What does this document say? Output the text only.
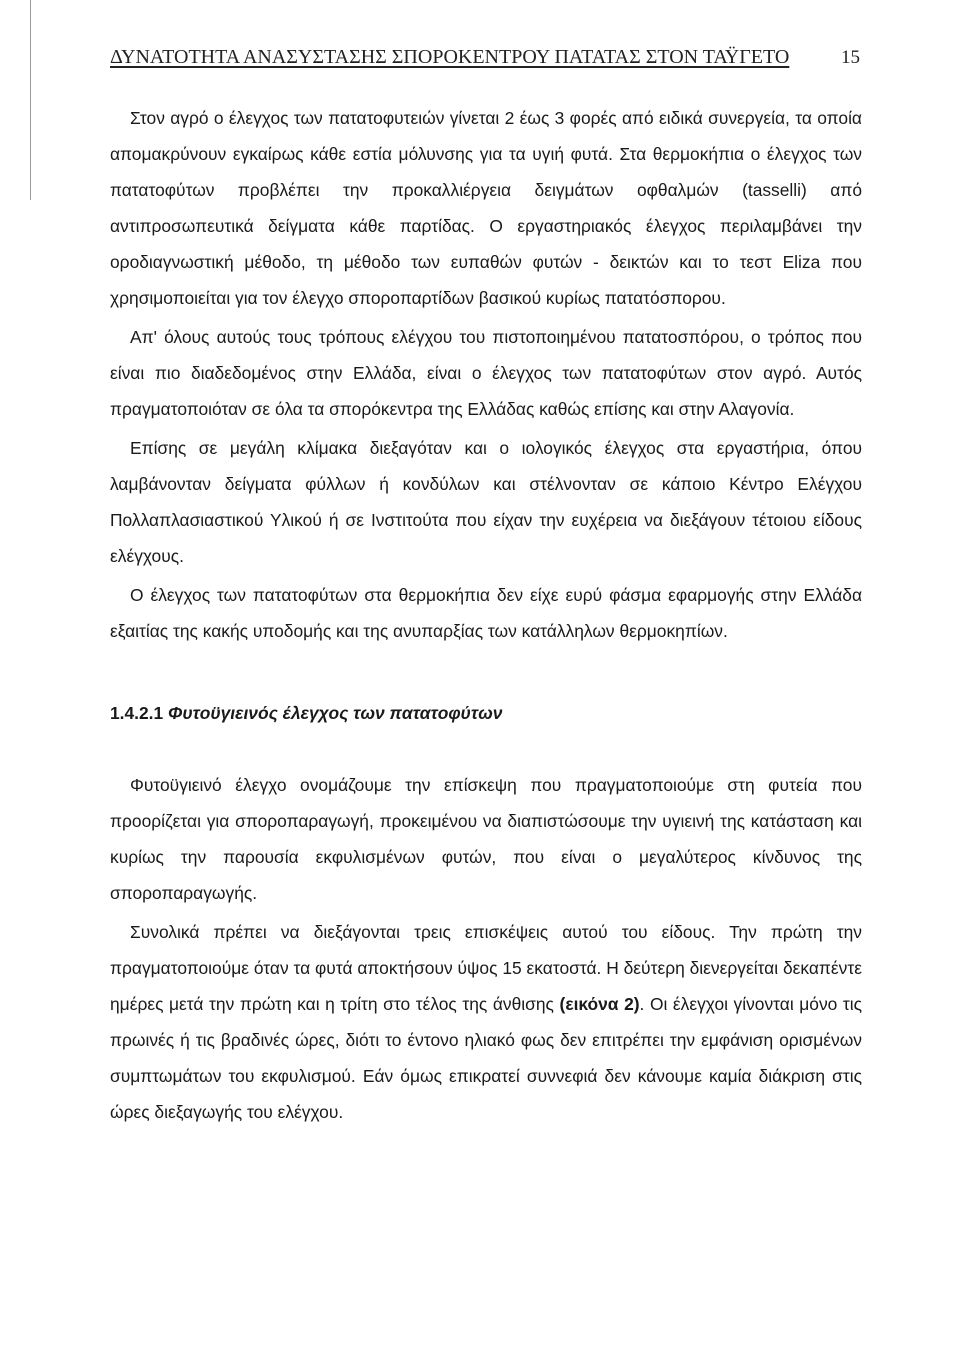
ΔΥΝΑΤΟΤΗΤΑ ΑΝΑΣΥΣΤΑΣΗΣ ΣΠΟΡΟΚΕΝΤΡΟΥ ΠΑΤΑΤΑΣ ΣΤΟΝ ΤΑΫΓΕΤΟ	15

Στον αγρό ο έλεγχος των πατατοφυτειών γίνεται 2 έως 3 φορές από ειδικά συνεργεία, τα οποία απομακρύνουν εγκαίρως κάθε εστία μόλυνσης για τα υγιή φυτά. Στα θερμοκήπια ο έλεγχος των πατατοφύτων προβλέπει την προκαλλιέργεια δειγμάτων οφθαλμών (tasselli) από αντιπροσωπευτικά δείγματα κάθε παρτίδας. Ο εργαστηριακός έλεγχος περιλαμβάνει την οροδιαγνωστική μέθοδο, τη μέθοδο των ευπαθών φυτών - δεικτών και το τεστ Eliza που χρησιμοποιείται για τον έλεγχο σποροπαρτίδων βασικού κυρίως πατατόσπορου.

Απ' όλους αυτούς τους τρόπους ελέγχου του πιστοποιημένου πατατοσπόρου, ο τρόπος που είναι πιο διαδεδομένος στην Ελλάδα, είναι ο έλεγχος των πατατοφύτων στον αγρό. Αυτός πραγματοποιόταν σε όλα τα σπορόκεντρα της Ελλάδας καθώς επίσης και στην Αλαγονία.

Επίσης σε μεγάλη κλίμακα διεξαγόταν και ο ιολογικός έλεγχος στα εργαστήρια, όπου λαμβάνονταν δείγματα φύλλων ή κονδύλων και στέλνονταν σε κάποιο Κέντρο Ελέγχου Πολλαπλασιαστικού Υλικού ή σε Ινστιτούτα που είχαν την ευχέρεια να διεξάγουν τέτοιου είδους ελέγχους.

Ο έλεγχος των πατατοφύτων στα θερμοκήπια δεν είχε ευρύ φάσμα εφαρμογής στην Ελλάδα εξαιτίας της κακής υποδομής και της ανυπαρξίας των κατάλληλων θερμοκηπίων.

1.4.2.1 Φυτοϋγιεινός έλεγχος των πατατοφύτων

Φυτοϋγιεινό έλεγχο ονομάζουμε την επίσκεψη που πραγματοποιούμε στη φυτεία που προορίζεται για σποροπαραγωγή, προκειμένου να διαπιστώσουμε την υγιεινή της κατάσταση και κυρίως την παρουσία εκφυλισμένων φυτών, που είναι ο μεγαλύτερος κίνδυνος της σποροπαραγωγής.

Συνολικά πρέπει να διεξάγονται τρεις επισκέψεις αυτού του είδους. Την πρώτη την πραγματοποιούμε όταν τα φυτά αποκτήσουν ύψος 15 εκατοστά. Η δεύτερη διενεργείται δεκαπέντε ημέρες μετά την πρώτη και η τρίτη στο τέλος της άνθισης (εικόνα 2). Οι έλεγχοι γίνονται μόνο τις πρωινές ή τις βραδινές ώρες, διότι το έντονο ηλιακό φως δεν επιτρέπει την εμφάνιση ορισμένων συμπτωμάτων του εκφυλισμού. Εάν όμως επικρατεί συννεφιά δεν κάνουμε καμία διάκριση στις ώρες διεξαγωγής του ελέγχου.
